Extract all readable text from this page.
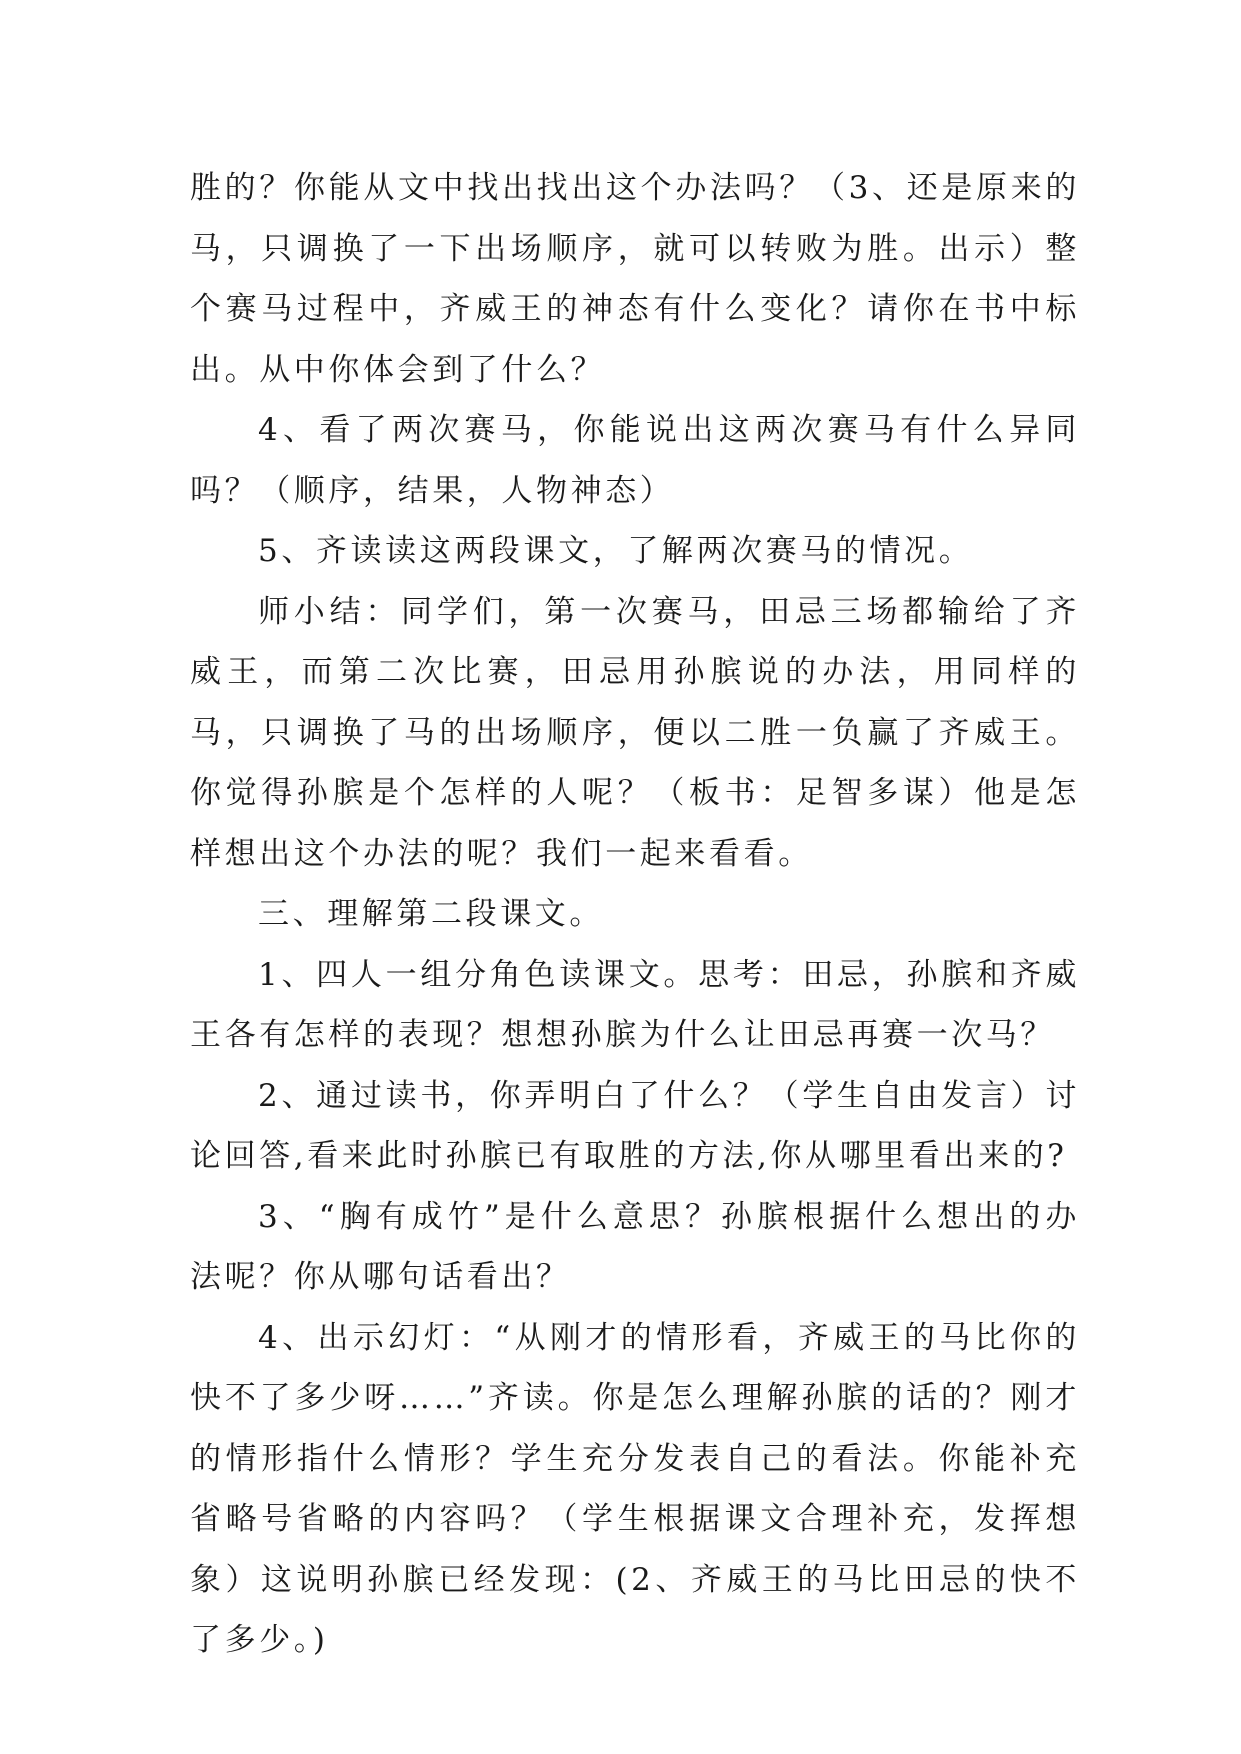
胜的？你能从文中找出找出这个办法吗？（3、还是原来的马，只调换了一下出场顺序，就可以转败为胜。出示）整个赛马过程中，齐威王的神态有什么变化？请你在书中标出。从中你体会到了什么？

4、看了两次赛马，你能说出这两次赛马有什么异同吗？（顺序，结果，人物神态）

5、齐读读这两段课文，了解两次赛马的情况。

师小结：同学们，第一次赛马，田忌三场都输给了齐威王，而第二次比赛，田忌用孙膑说的办法，用同样的马，只调换了马的出场顺序，便以二胜一负赢了齐威王。你觉得孙膑是个怎样的人呢？（板书：足智多谋）他是怎样想出这个办法的呢？我们一起来看看。

三、理解第二段课文。

1、四人一组分角色读课文。思考：田忌，孙膑和齐威王各有怎样的表现？想想孙膑为什么让田忌再赛一次马？

2、通过读书，你弄明白了什么？（学生自由发言）讨论回答,看来此时孙膑已有取胜的方法,你从哪里看出来的?

3、“胸有成竹”是什么意思？孙膑根据什么想出的办法呢？你从哪句话看出？

4、出示幻灯：“从刚才的情形看，齐威王的马比你的快不了多少呀……”齐读。你是怎么理解孙膑的话的？刚才的情形指什么情形？学生充分发表自己的看法。你能补充省略号省略的内容吗？（学生根据课文合理补充，发挥想象）这说明孙膑已经发现：(2、齐威王的马比田忌的快不了多少。)
